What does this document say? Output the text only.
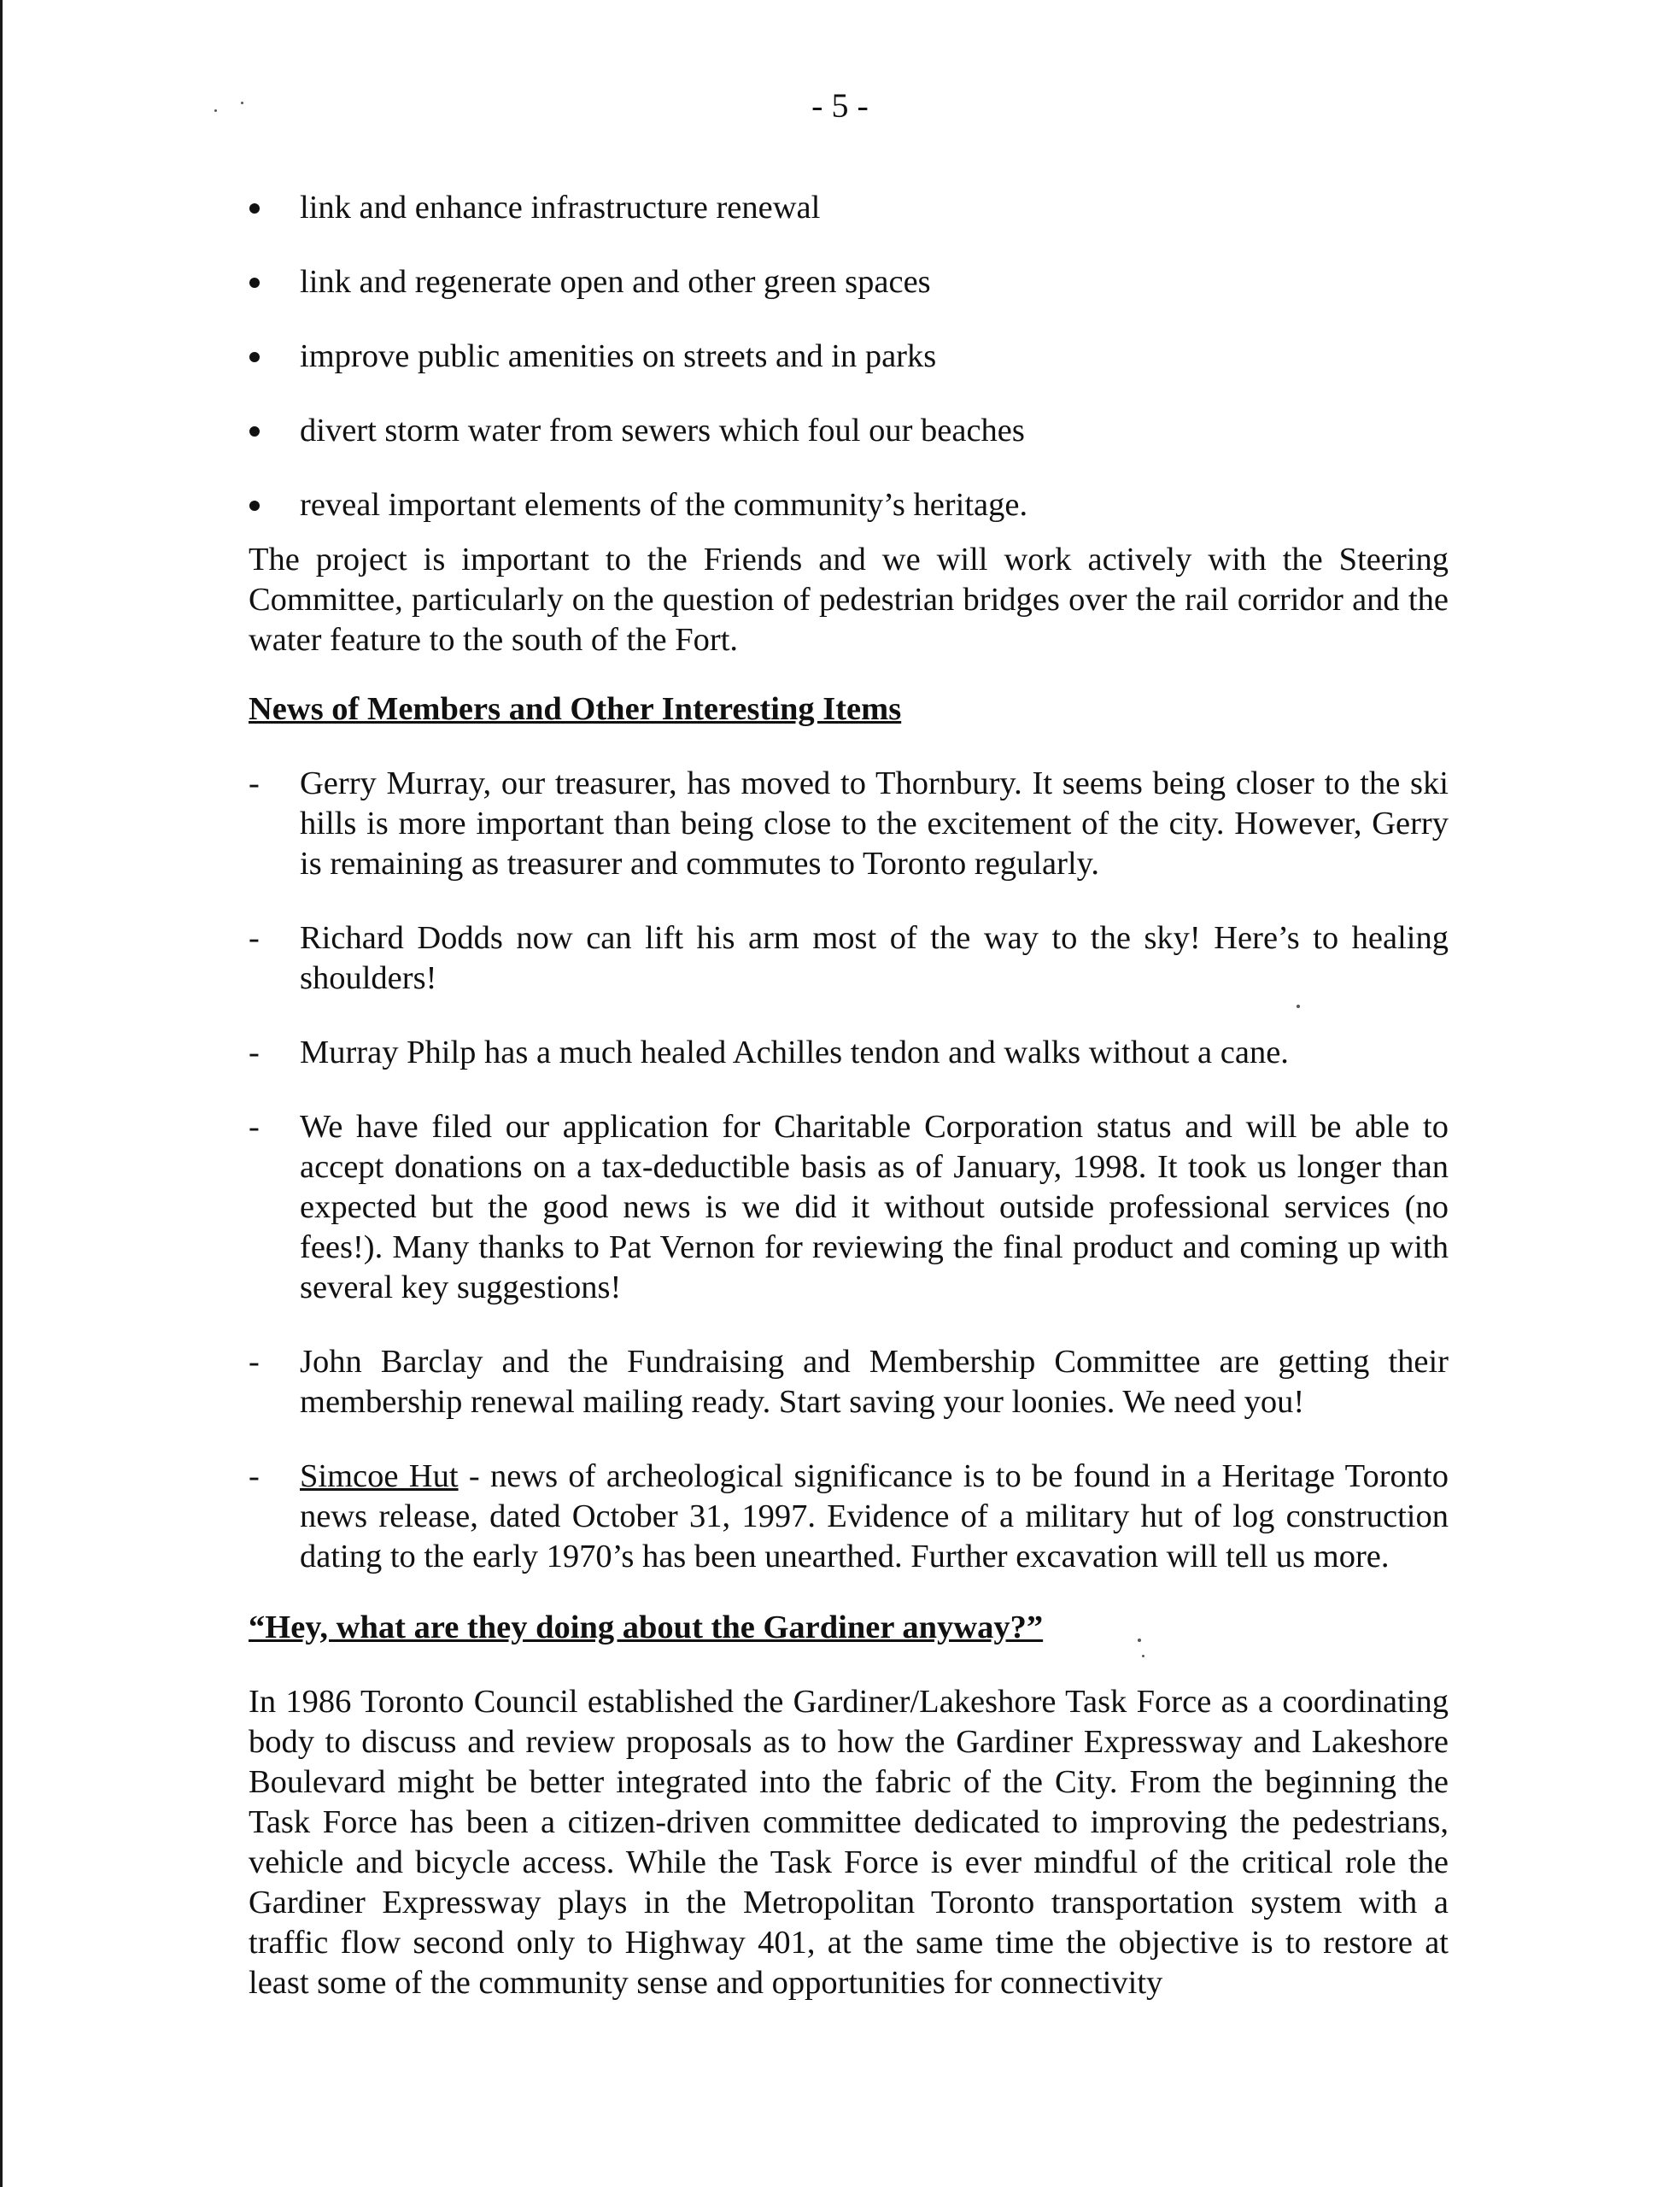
- 5 -
link and enhance infrastructure renewal
link and regenerate open and other green spaces
improve public amenities on streets and in parks
divert storm water from sewers which foul our beaches
reveal important elements of the community’s heritage.

The project is important to the Friends and we will work actively with the Steering Committee, particularly on the question of pedestrian bridges over the rail corridor and the water feature to the south of the Fort.

News of Members and Other Interesting Items
- Gerry Murray, our treasurer, has moved to Thornbury. It seems being closer to the ski hills is more important than being close to the excitement of the city. However, Gerry is remaining as treasurer and commutes to Toronto regularly.
- Richard Dodds now can lift his arm most of the way to the sky! Here’s to healing shoulders!
- Murray Philp has a much healed Achilles tendon and walks without a cane.
- We have filed our application for Charitable Corporation status and will be able to accept donations on a tax-deductible basis as of January, 1998. It took us longer than expected but the good news is we did it without outside professional services (no fees!). Many thanks to Pat Vernon for reviewing the final product and coming up with several key suggestions!
- John Barclay and the Fundraising and Membership Committee are getting their membership renewal mailing ready. Start saving your loonies. We need you!
- Simcoe Hut - news of archeological significance is to be found in a Heritage Toronto news release, dated October 31, 1997. Evidence of a military hut of log construction dating to the early 1970’s has been unearthed. Further excavation will tell us more.
“Hey, what are they doing about the Gardiner anyway?”

In 1986 Toronto Council established the Gardiner/Lakeshore Task Force as a coordinating body to discuss and review proposals as to how the Gardiner Expressway and Lakeshore Boulevard might be better integrated into the fabric of the City. From the beginning the Task Force has been a citizen-driven committee dedicated to improving the pedestrians, vehicle and bicycle access. While the Task Force is ever mindful of the critical role the Gardiner Expressway plays in the Metropolitan Toronto transportation system with a traffic flow second only to Highway 401, at the same time the objective is to restore at least some of the community sense and opportunities for connectivity
